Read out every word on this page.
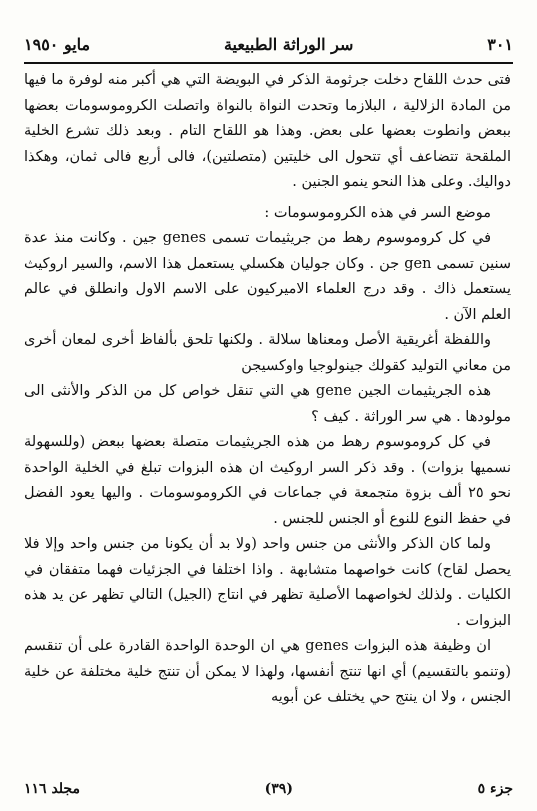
٣٠١
سر الوراثة الطبيعية
مايو ١٩٥٠

فتى حدث اللقاح دخلت جرثومة الذكر في البويضة التي هي أكبر منه لوفرة ما فيها من المادة الزلالية ، البلازما وتحدت النواة بالنواة واتصلت الكروموسومات بعضها ببعض وانطوت بعضها على بعض. وهذا هو اللقاح التام . وبعد ذلك تشرع الخلية الملقحة تتضاعف أي تتحول الى خليتين (متصلتين)، فالى أربع فالى ثمان، وهكذا دواليك. وعلى هذا النحو ينمو الجنين .

موضع السر في هذه الكروموسومات :

في كل كروموسوم رهط من جريثيمات تسمى genes جين . وكانت منذ عدة سنين تسمى gen جن . وكان جوليان هكسلي يستعمل هذا الاسم، والسير اروكيث يستعمل ذاك . وقد درج العلماء الاميركيون على الاسم الاول وانطلق في عالم العلم الآن .

واللفظة أغريقية الأصل ومعناها سلالة . ولكنها تلحق بألفاظ أخرى لمعان أخرى من معاني التوليد كقولك جينولوجيا واوكسيجن

هذه الجريثيمات الجين gene هي التي تنقل خواص كل من الذكر والأنثى الى مولودها . هي سر الوراثة . كيف ؟

في كل كروموسوم رهط من هذه الجريثيمات متصلة بعضها ببعض (وللسهولة نسميها بزوات) . وقد ذكر السر اروكيث ان هذه البزوات تبلغ في الخلية الواحدة نحو ٢٥ ألف بزوة متجمعة في جماعات في الكروموسومات . واليها يعود الفضل في حفظ النوع للنوع أو الجنس للجنس .

ولما كان الذكر والأنثى من جنس واحد (ولا بد أن يكونا من جنس واحد وإلا فلا يحصل لقاح) كانت خواصهما متشابهة . واذا اختلفا في الجزئيات فهما متفقان في الكليات . ولذلك لخواصهما الأصلية تظهر في انتاج (الجيل) التالي تظهر عن يد هذه البزوات .

ان وظيفة هذه البزوات genes هي ان الوحدة الواحدة القادرة على أن تنقسم (وتنمو بالتقسيم) أي انها تنتج أنفسها، ولهذا لا يمكن أن تنتج خلية مختلفة عن خلية الجنس ، ولا ان ينتج حي يختلف عن أبويه

جزء ٥
(٣٩)
مجلد ١١٦
